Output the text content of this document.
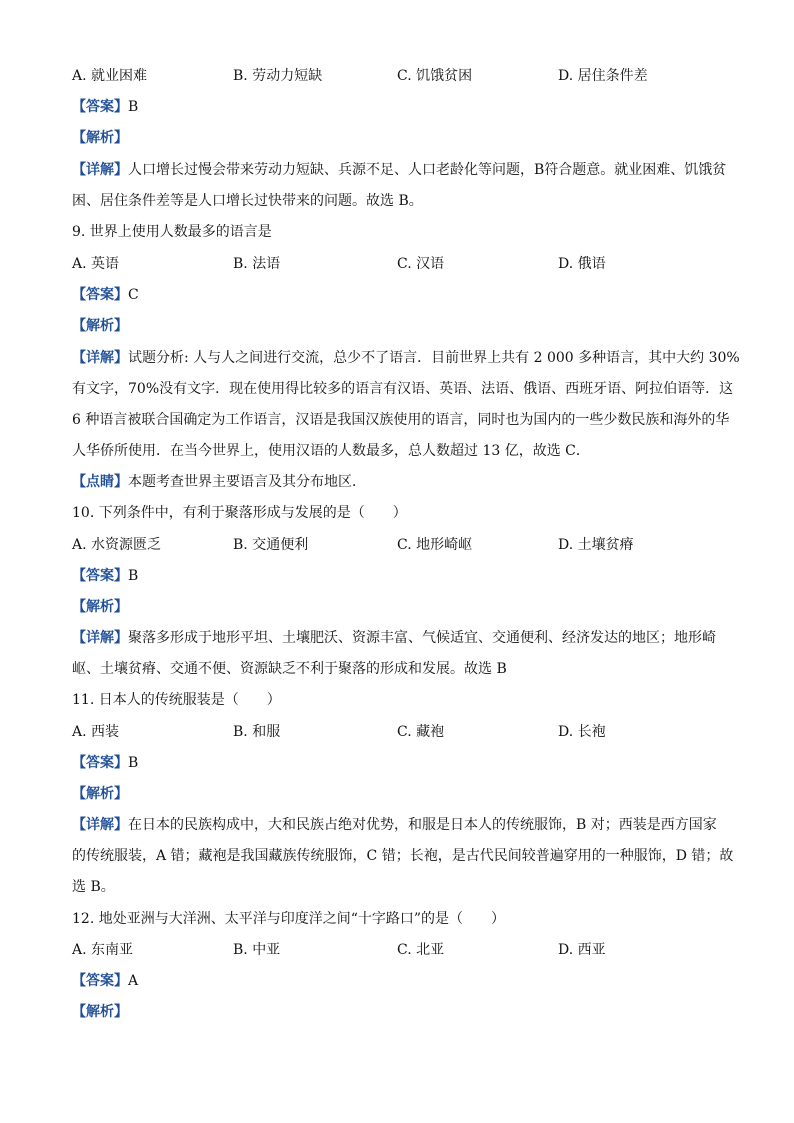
A. 就业困难	B. 劳动力短缺	C. 饥饿贫困	D. 居住条件差
【答案】B
【解析】
【详解】人口增长过慢会带来劳动力短缺、兵源不足、人口老龄化等问题，B符合题意。就业困难、饥饿贫
困、居住条件差等是人口增长过快带来的问题。故选 B。
9. 世界上使用人数最多的语言是
A. 英语	B. 法语	C. 汉语	D. 俄语
【答案】C
【解析】
【详解】试题分析: 人与人之间进行交流，总少不了语言．目前世界上共有 2 000 多种语言，其中大约 30%
有文字，70%没有文字．现在使用得比较多的语言有汉语、英语、法语、俄语、西班牙语、阿拉伯语等．这
6 种语言被联合国确定为工作语言，汉语是我国汉族使用的语言，同时也为国内的一些少数民族和海外的华
人华侨所使用．在当今世界上，使用汉语的人数最多，总人数超过 13 亿，故选 C．
【点睛】本题考查世界主要语言及其分布地区．
10. 下列条件中，有利于聚落形成与发展的是（　　）
A. 水资源匮乏	B. 交通便利	C. 地形崎岖	D. 土壤贫瘠
【答案】B
【解析】
【详解】聚落多形成于地形平坦、土壤肥沃、资源丰富、气候适宜、交通便利、经济发达的地区；地形崎
岖、土壤贫瘠、交通不便、资源缺乏不利于聚落的形成和发展。故选 B
11. 日本人的传统服装是（　　）
A. 西装	B. 和服	C. 藏袍	D. 长袍
【答案】B
【解析】
【详解】在日本的民族构成中，大和民族占绝对优势，和服是日本人的传统服饰，B 对；西装是西方国家
的传统服装，A 错；藏袍是我国藏族传统服饰，C 错；长袍，是古代民间较普遍穿用的一种服饰，D 错；故
选 B。
12. 地处亚洲与大洋洲、太平洋与印度洋之间“十字路口”的是（　　）
A. 东南亚	B. 中亚	C. 北亚	D. 西亚
【答案】A
【解析】
